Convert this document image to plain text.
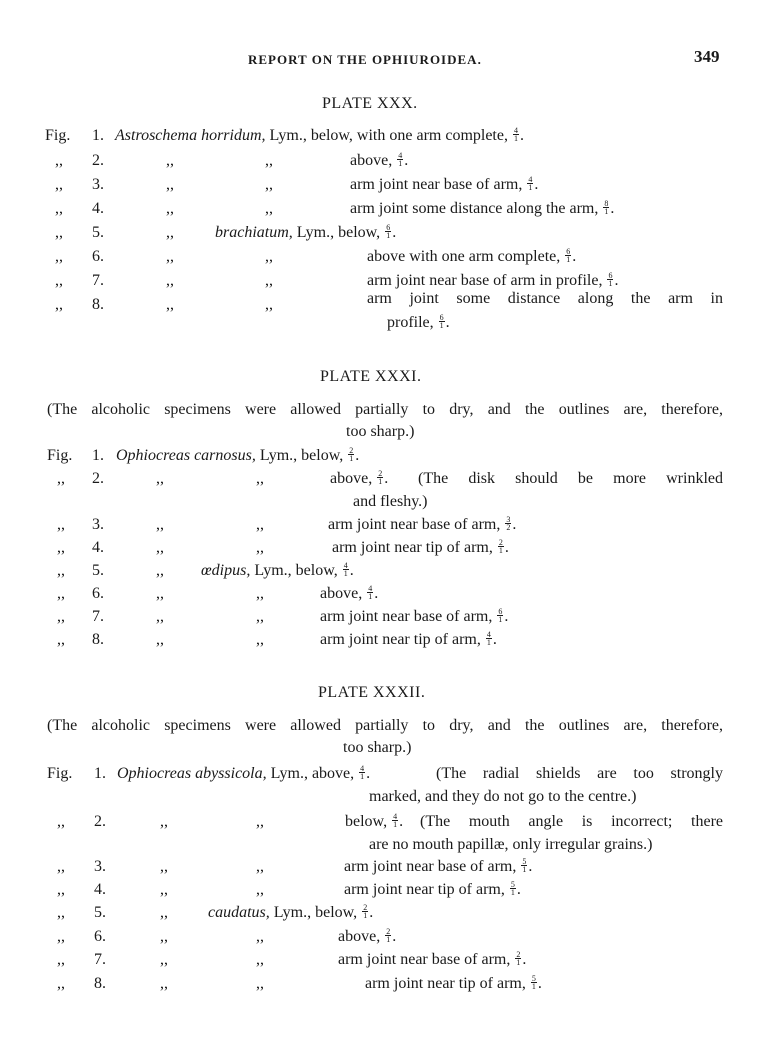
REPORT ON THE OPHIUROIDEA.	349
PLATE XXX.
Fig. 1. Astroschema horridum, Lym., below, with one arm complete, $\frac{4}{1}$ .
,, 2.	,,	,,	above, $\frac{4}{1}$ .
,, 3.	,,	,,	arm joint near base of arm, $\frac{4}{1}$ .
,, 4.	,,	,,	arm joint some distance along the arm, $\frac{8}{1}$ .
,, 5.	,,	brachiatum, Lym., below, $\frac{6}{1}$ .
,, 6.	,,	,,	above with one arm complete, $\frac{6}{1}$ .
,, 7.	,,	,,	arm joint near base of arm in profile, $\frac{6}{1}$ .
,, 8.	,,	,,	arm joint some distance along the arm in
profile, $\frac{6}{1}$ .
PLATE XXXI.
(The alcoholic specimens were allowed partially to dry, and the outlines are, therefore,
too sharp.)
Fig. 1. Ophiocreas carnosus, Lym., below, $\frac{2}{1}$ .
,, 2.	,,	,,	above, $\frac{2}{1}$ . (The disk should be more wrinkled
and fleshy.)
,, 3.	,,	,,	arm joint near base of arm, $\frac{3}{2}$ .
,, 4.	,,	,,	arm joint near tip of arm, $\frac{2}{1}$ .
,, 5.	,, œdipus, Lym., below, $\frac{4}{1}$ .
,, 6.	,,	,,	above, $\frac{4}{1}$ .
,, 7.	,,	,,	arm joint near base of arm, $\frac{6}{1}$ .
,, 8.	,,	,,	arm joint near tip of arm, $\frac{4}{1}$ .
PLATE XXXII.
(The alcoholic specimens were allowed partially to dry, and the outlines are, therefore,
too sharp.)
Fig. 1. Ophiocreas abyssicola, Lym., above, $\frac{4}{1}$ .	(The radial shields are too strongly
marked, and they do not go to the centre.)
,, 2.	,,	,,	below, $\frac{4}{1}$ . (The mouth angle is incorrect; there
are no mouth papillæ, only irregular grains.)
,, 3.	,,	,,	arm joint near base of arm, $\frac{5}{1}$ .
,, 4.	,,	,,	arm joint near tip of arm, $\frac{5}{1}$ .
,, 5.	,,	caudatus, Lym., below, $\frac{2}{1}$ .
,, 6.	,,	,,	above, $\frac{2}{1}$ .
,, 7.	,,	,,	arm joint near base of arm, $\frac{2}{1}$ .
,, 8.	,,	,,	arm joint near tip of arm, $\frac{5}{1}$ .
